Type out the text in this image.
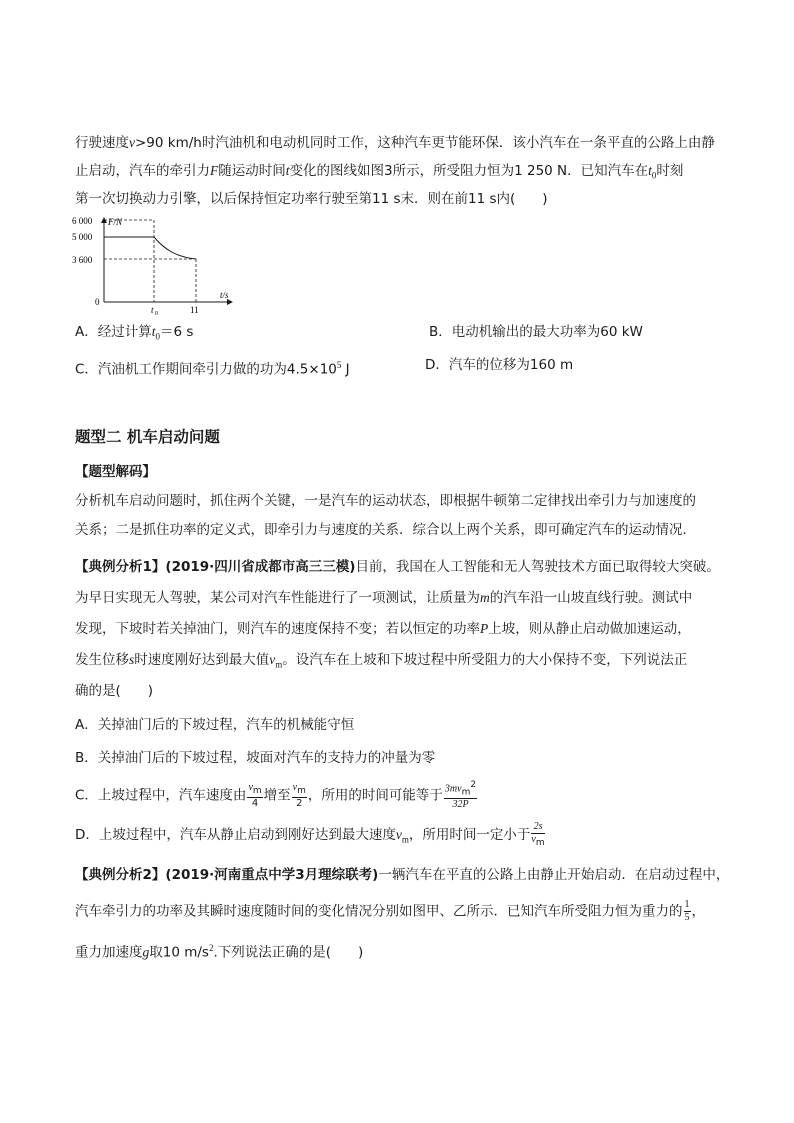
行驶速度v>90 km/h时汽油机和电动机同时工作，这种汽车更节能环保．该小汽车在一条平直的公路上由静
止启动，汽车的牵引力F随运动时间t变化的图线如图3所示，所受阻力恒为1 250 N．已知汽车在$t_0$时刻
第一次切换动力引擎，以后保持恒定功率行驶至第11 s末．则在前11 s内(　　)
F/N
t/s
6 000
5 000
3 600
0
t 0	11
A．经过计算$t_0=6$ s	B．电动机输出的最大功率为60 kW
C．汽油机工作期间牵引力做的功为$4.5\times 10^5$ J	D．汽车的位移为160 m
题型二 机车启动问题
【题型解码】
分析机车启动问题时，抓住两个关键，一是汽车的运动状态，即根据牛顿第二定律找出牵引力与加速度的
关系；二是抓住功率的定义式，即牵引力与速度的关系．综合以上两个关系，即可确定汽车的运动情况．
【典例分析1】(2019·四川省成都市高三三模)目前，我国在人工智能和无人驾驶技术方面已取得较大突破。
为早日实现无人驾驶，某公司对汽车性能进行了一项测试，让质量为m的汽车沿一山坡直线行驶。测试中
发现，下坡时若关掉油门，则汽车的速度保持不变；若以恒定的功率P上坡，则从静止启动做加速运动，
发生位移s时速度刚好达到最大值$v_m$。设汽车在上坡和下坡过程中所受阻力的大小保持不变，下列说法正
确的是(　　)
A．关掉油门后的下坡过程，汽车的机械能守恒
B．关掉油门后的下坡过程，坡面对汽车的支持力的冲量为零
C．上坡过程中，汽车速度由 $\frac{v_m}{4}$ 增至 $\frac{v_m}{2}$ ，所用的时间可能等于 $\frac{3mv_m^2}{32P}$
D．上坡过程中，汽车从静止启动到刚好达到最大速度$v_m$，所用时间一定小于 $\frac{2s}{v_m}$
【典例分析2】(2019·河南重点中学3月理综联考)一辆汽车在平直的公路上由静止开始启动．在启动过程中，
汽车牵引力的功率及其瞬时速度随时间的变化情况分别如图甲、乙所示．已知汽车所受阻力恒为重力的 $\frac{1}{5}$ ，
重力加速度g取10 $m/s^2$.下列说法正确的是(　　)
